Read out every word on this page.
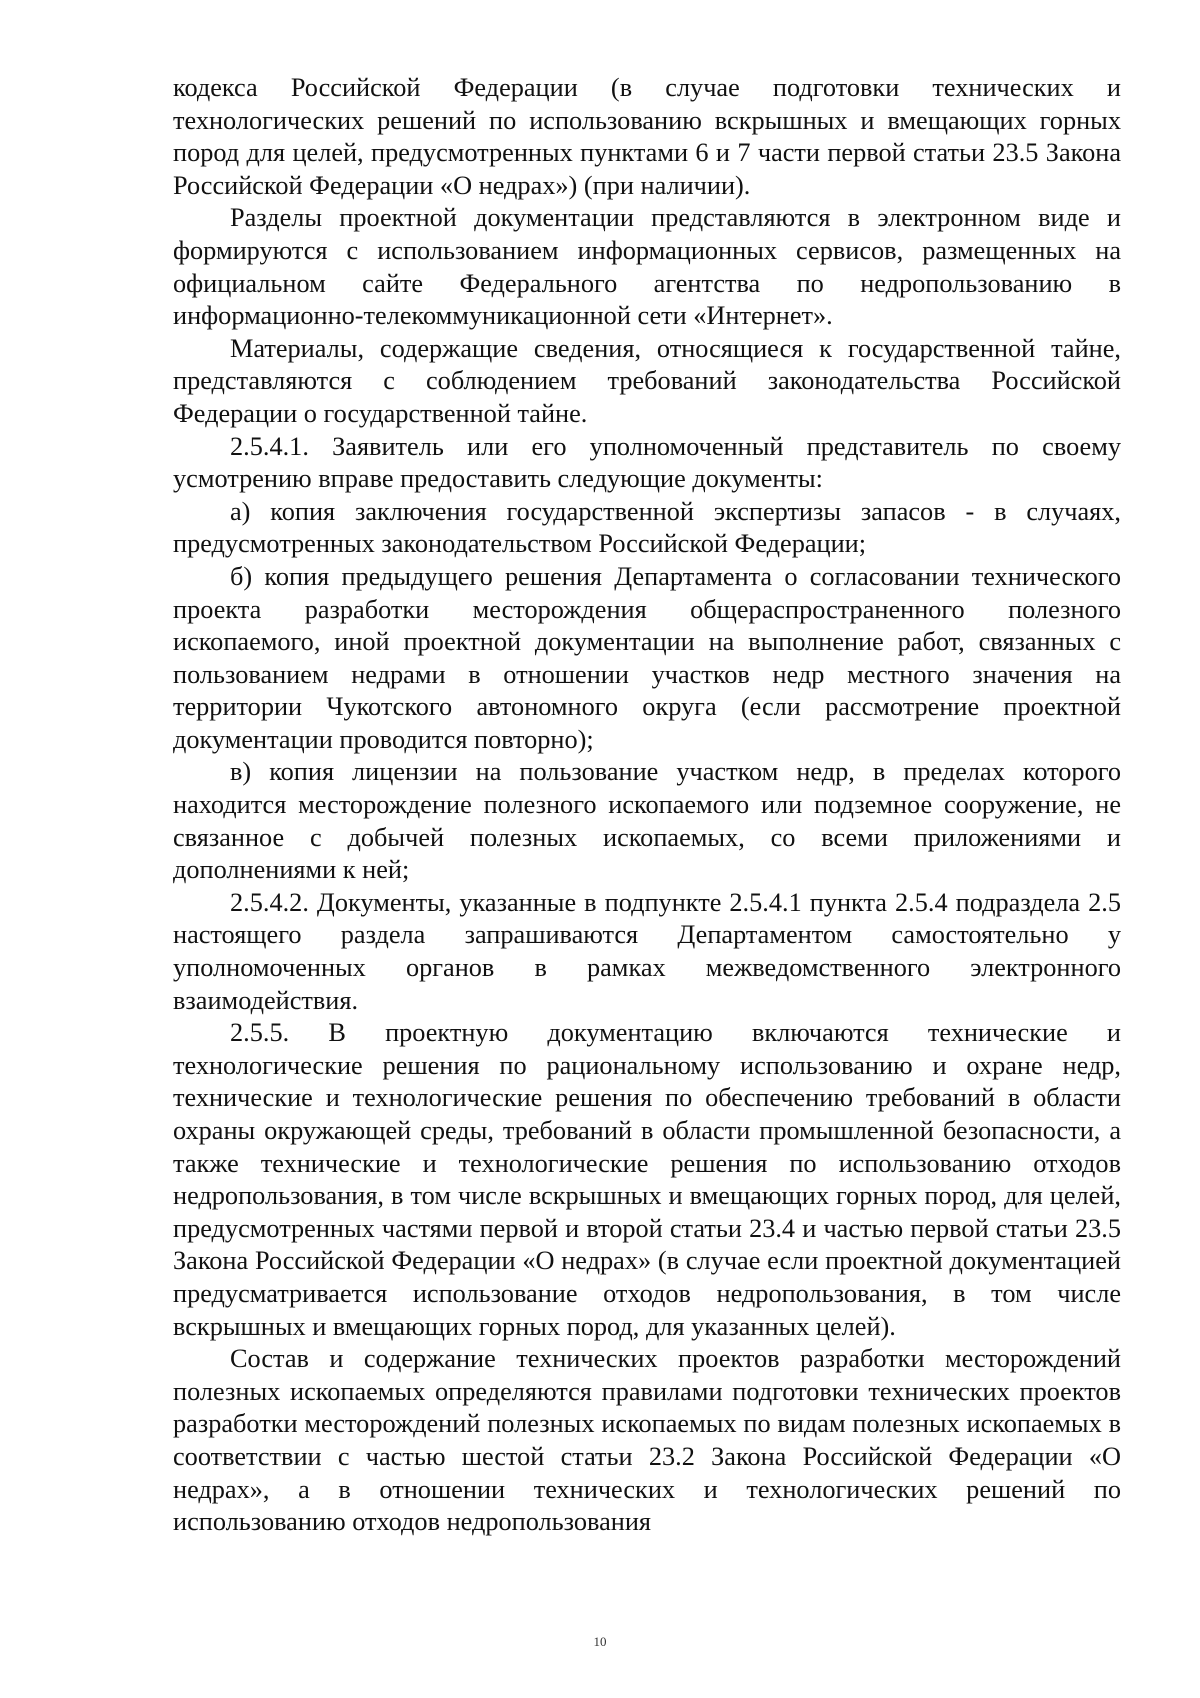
кодекса Российской Федерации (в случае подготовки технических и технологических решений по использованию вскрышных и вмещающих горных пород для целей, предусмотренных пунктами 6 и 7 части первой статьи 23.5 Закона Российской Федерации «О недрах») (при наличии).

Разделы проектной документации представляются в электронном виде и формируются с использованием информационных сервисов, размещенных на официальном сайте Федерального агентства по недропользованию в информационно-телекоммуникационной сети «Интернет».

Материалы, содержащие сведения, относящиеся к государственной тайне, представляются с соблюдением требований законодательства Российской Федерации о государственной тайне.

2.5.4.1. Заявитель или его уполномоченный представитель по своему усмотрению вправе предоставить следующие документы:

а) копия заключения государственной экспертизы запасов - в случаях, предусмотренных законодательством Российской Федерации;

б) копия предыдущего решения Департамента о согласовании технического проекта разработки месторождения общераспространенного полезного ископаемого, иной проектной документации на выполнение работ, связанных с пользованием недрами в отношении участков недр местного значения на территории Чукотского автономного округа (если рассмотрение проектной документации проводится повторно);

в) копия лицензии на пользование участком недр, в пределах которого находится месторождение полезного ископаемого или подземное сооружение, не связанное с добычей полезных ископаемых, со всеми приложениями и дополнениями к ней;

2.5.4.2. Документы, указанные в подпункте 2.5.4.1 пункта 2.5.4 подраздела 2.5 настоящего раздела запрашиваются Департаментом самостоятельно у уполномоченных органов в рамках межведомственного электронного взаимодействия.

2.5.5. В проектную документацию включаются технические и технологические решения по рациональному использованию и охране недр, технические и технологические решения по обеспечению требований в области охраны окружающей среды, требований в области промышленной безопасности, а также технические и технологические решения по использованию отходов недропользования, в том числе вскрышных и вмещающих горных пород, для целей, предусмотренных частями первой и второй статьи 23.4 и частью первой статьи 23.5 Закона Российской Федерации «О недрах» (в случае если проектной документацией предусматривается использование отходов недропользования, в том числе вскрышных и вмещающих горных пород, для указанных целей).

Состав и содержание технических проектов разработки месторождений полезных ископаемых определяются правилами подготовки технических проектов разработки месторождений полезных ископаемых по видам полезных ископаемых в соответствии с частью шестой статьи 23.2 Закона Российской Федерации «О недрах», а в отношении технических и технологических решений по использованию отходов недропользования

10
